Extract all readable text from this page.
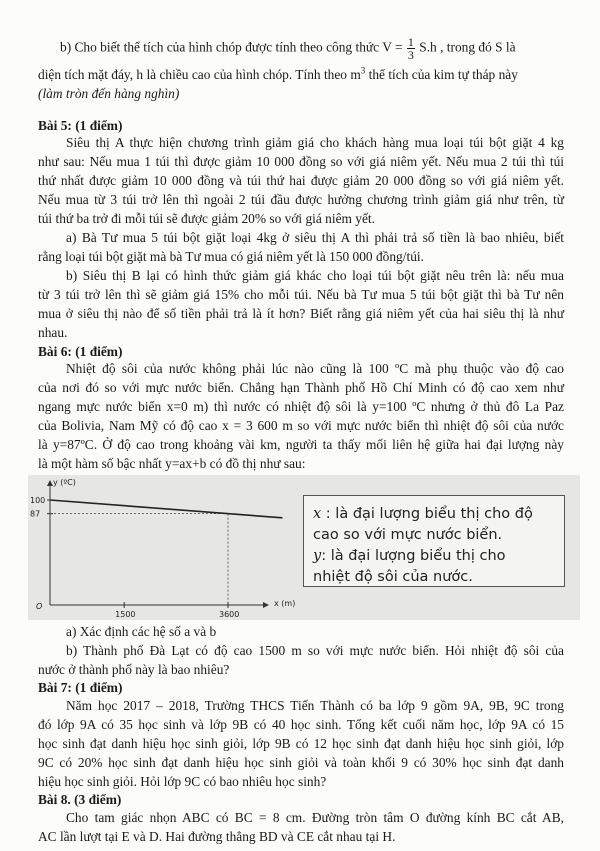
b) Cho biết thể tích của hình chóp được tính theo công thức $V = \frac{1}{3} S.h$ , trong đó S là
diện tích mặt đáy, h là chiều cao của hình chóp. Tính theo $m^3$ thể tích của kim tự tháp này
(làm tròn đến hàng nghìn)
Bài 5: (1 điểm)
Siêu thị A thực hiện chương trình giảm giá cho khách hàng mua loại túi bột giặt 4 kg
như sau: Nếu mua 1 túi thì được giảm 10 000 đồng so với giá niêm yết. Nếu mua 2 túi thì túi
thứ nhất được giảm 10 000 đồng và túi thứ hai được giảm 20 000 đồng so với giá niêm yết.
Nếu mua từ 3 túi trở lên thì ngoài 2 túi đầu được hưởng chương trình giảm giá như trên, từ
túi thứ ba trở đi mỗi túi sẽ được giảm 20% so với giá niêm yết.
a) Bà Tư mua 5 túi bột giặt loại 4kg ở siêu thị A thì phải trả số tiền là bao nhiêu, biết
rằng loại túi bột giặt mà bà Tư mua có giá niêm yết là 150 000 đồng/túi.
b) Siêu thị B lại có hình thức giảm giá khác cho loại túi bột giặt nêu trên là: nếu mua
từ 3 túi trở lên thì sẽ giảm giá 15% cho mỗi túi. Nếu bà Tư mua 5 túi bột giặt thì bà Tư nên
mua ở siêu thị nào để số tiền phải trả là ít hơn? Biết rằng giá niêm yết của hai siêu thị là như
nhau.
Bài 6: (1 điểm)
Nhiệt độ sôi của nước không phải lúc nào cũng là 100 ºC mà phụ thuộc vào độ cao
của nơi đó so với mực nước biển. Chẳng hạn Thành phố Hồ Chí Minh có độ cao xem như
ngang mực nước biển x=0 m) thì nước có nhiệt độ sôi là y=100 ºC nhưng ở thủ đô La Paz
của Bolivia, Nam Mỹ có độ cao x = 3 600 m so với mực nước biển thì nhiệt độ sôi của nước
là y=87ºC. Ở độ cao trong khoảng vài km, người ta thấy mối liên hệ giữa hai đại lượng này
là một hàm số bậc nhất y=ax+b có đồ thị như sau:
y (ºC)
x (m)
O
100
87
1500	3600
x : là đại lượng biểu thị cho độ
cao so với mực nước biển.
y: là đại lượng biểu thị cho
nhiệt độ sôi của nước.
a) Xác định các hệ số a và b
b) Thành phố Đà Lạt có độ cao 1500 m so với mực nước biển. Hỏi nhiệt độ sôi của
nước ở thành phố này là bao nhiêu?
Bài 7: (1 điểm)
Năm học 2017 – 2018, Trường THCS Tiến Thành có ba lớp 9 gồm 9A, 9B, 9C trong
đó lớp 9A có 35 học sinh và lớp 9B có 40 học sinh. Tổng kết cuối năm học, lớp 9A có 15
học sinh đạt danh hiệu học sinh giỏi, lớp 9B có 12 học sinh đạt danh hiệu học sinh giỏi, lớp
9C có 20% học sinh đạt danh hiệu học sinh giỏi và toàn khối 9 có 30% học sinh đạt danh
hiệu học sinh giỏi. Hỏi lớp 9C có bao nhiêu học sinh?
Bài 8. (3 điểm)
Cho tam giác nhọn ABC có BC = 8 cm. Đường tròn tâm O đường kính BC cắt AB,
AC lần lượt tại E và D. Hai đường thẳng BD và CE cắt nhau tại H.
